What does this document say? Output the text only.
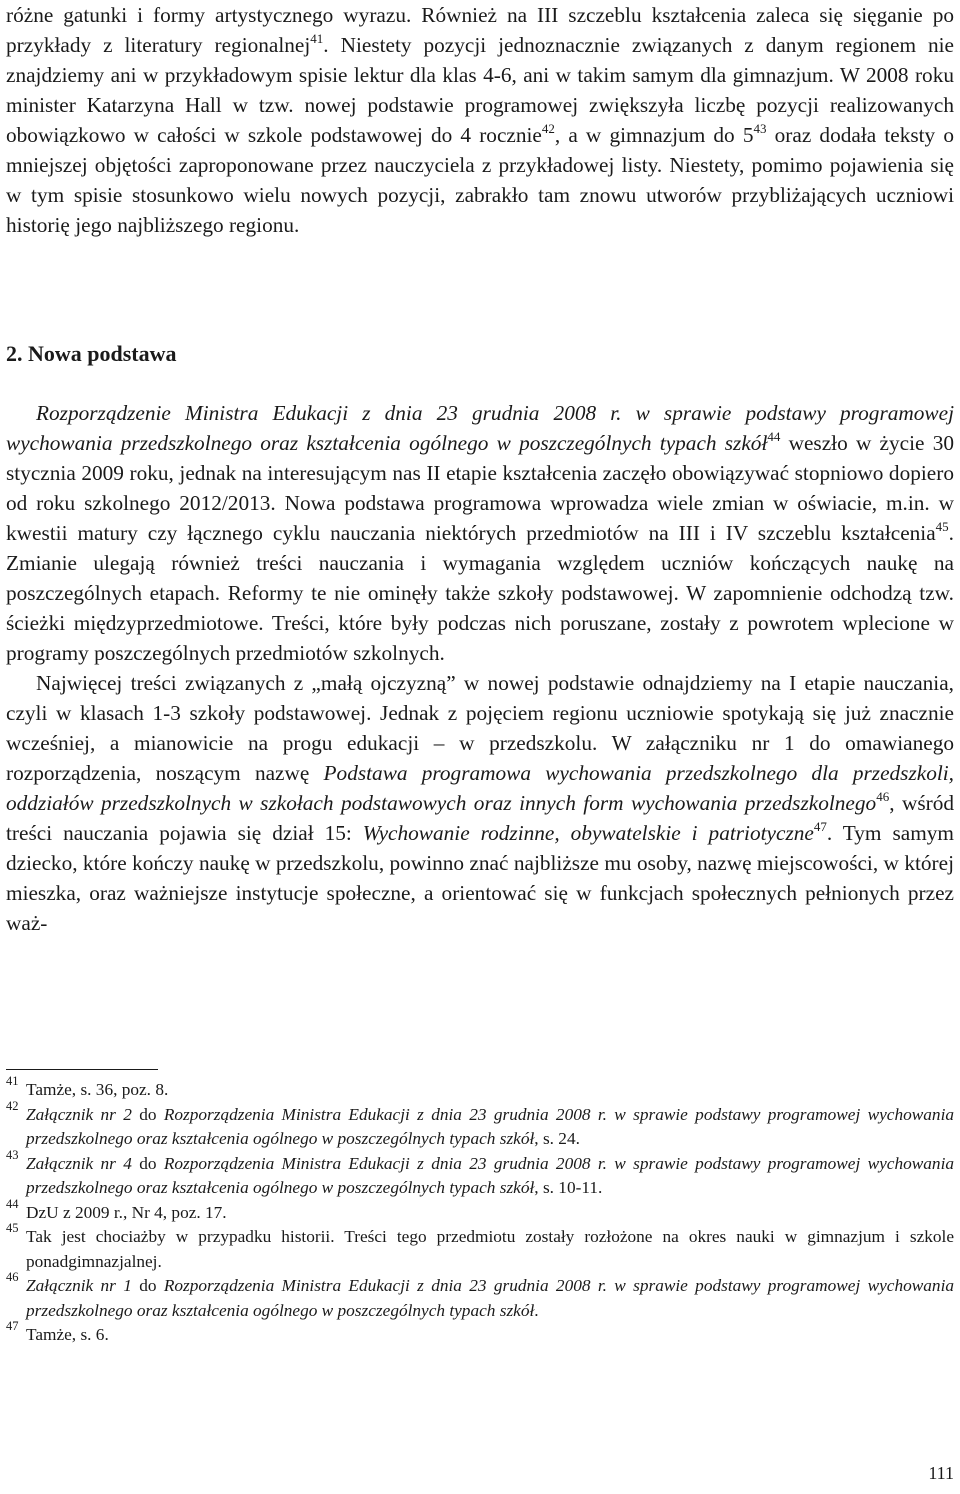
różne gatunki i formy artystycznego wyrazu. Również na III szczeblu kształcenia zaleca się sięganie po przykłady z literatury regionalnej$^{41}$. Niestety pozycji jednoznacznie związanych z danym regionem nie znajdziemy ani w przykładowym spisie lektur dla klas 4-6, ani w takim samym dla gimnazjum. W 2008 roku minister Katarzyna Hall w tzw. nowej podstawie programowej zwiększyła liczbę pozycji realizowanych obowiązkowo w całości w szkole podstawowej do 4 rocznie$^{42}$, a w gimnazjum do $5^{43}$ oraz dodała teksty o mniejszej objętości zaproponowane przez nauczyciela z przykładowej listy. Niestety, pomimo pojawienia się w tym spisie stosunkowo wielu nowych pozycji, zabrakło tam znowu utworów przybliżających uczniowi historię jego najbliższego regionu.

2. Nowa podstawa

Rozporządzenie Ministra Edukacji z dnia 23 grudnia 2008 r. w sprawie podstawy programowej wychowania przedszkolnego oraz kształcenia ogólnego w poszczególnych typach szkół$^{44}$ weszło w życie 30 stycznia 2009 roku, jednak na interesującym nas II etapie kształcenia zaczęło obowiązywać stopniowo dopiero od roku szkolnego 2012/2013. Nowa podstawa programowa wprowadza wiele zmian w oświacie, m.in. w kwestii matury czy łącznego cyklu nauczania niektórych przedmiotów na III i IV szczeblu kształcenia$^{45}$. Zmianie ulegają również treści nauczania i wymagania względem uczniów kończących naukę na poszczególnych etapach. Reformy te nie ominęły także szkoły podstawowej. W zapomnienie odchodzą tzw. ścieżki międzyprzedmiotowe. Treści, które były podczas nich poruszane, zostały z powrotem wplecione w programy poszczególnych przedmiotów szkolnych.

Najwięcej treści związanych z „małą ojczyzną” w nowej podstawie odnajdziemy na I etapie nauczania, czyli w klasach 1-3 szkoły podstawowej. Jednak z pojęciem regionu uczniowie spotykają się już znacznie wcześniej, a mianowicie na progu edukacji – w przedszkolu. W załączniku nr 1 do omawianego rozporządzenia, noszącym nazwę Podstawa programowa wychowania przedszkolnego dla przedszkoli, oddziałów przedszkolnych w szkołach podstawowych oraz innych form wychowania przedszkolnego$^{46}$, wśród treści nauczania pojawia się dział 15: Wychowanie rodzinne, obywatelskie i patriotyczne$^{47}$. Tym samym dziecko, które kończy naukę w przedszkolu, powinno znać najbliższe mu osoby, nazwę miejscowości, w której mieszka, oraz ważniejsze instytucje społeczne, a orientować się w funkcjach społecznych pełnionych przez waż-

41 Tamże, s. 36, poz. 8.

42 Załącznik nr 2 do Rozporządzenia Ministra Edukacji z dnia 23 grudnia 2008 r. w sprawie podstawy programowej wychowania przedszkolnego oraz kształcenia ogólnego w poszczególnych typach szkół, s. 24.

43 Załącznik nr 4 do Rozporządzenia Ministra Edukacji z dnia 23 grudnia 2008 r. w sprawie podstawy programowej wychowania przedszkolnego oraz kształcenia ogólnego w poszczególnych typach szkół, s. 10-11.

44 DzU z 2009 r., Nr 4, poz. 17.

45 Tak jest chociażby w przypadku historii. Treści tego przedmiotu zostały rozłożone na okres nauki w gimnazjum i szkole ponadgimnazjalnej.

46 Załącznik nr 1 do Rozporządzenia Ministra Edukacji z dnia 23 grudnia 2008 r. w sprawie podstawy programowej wychowania przedszkolnego oraz kształcenia ogólnego w poszczególnych typach szkół.

47 Tamże, s. 6.

111
